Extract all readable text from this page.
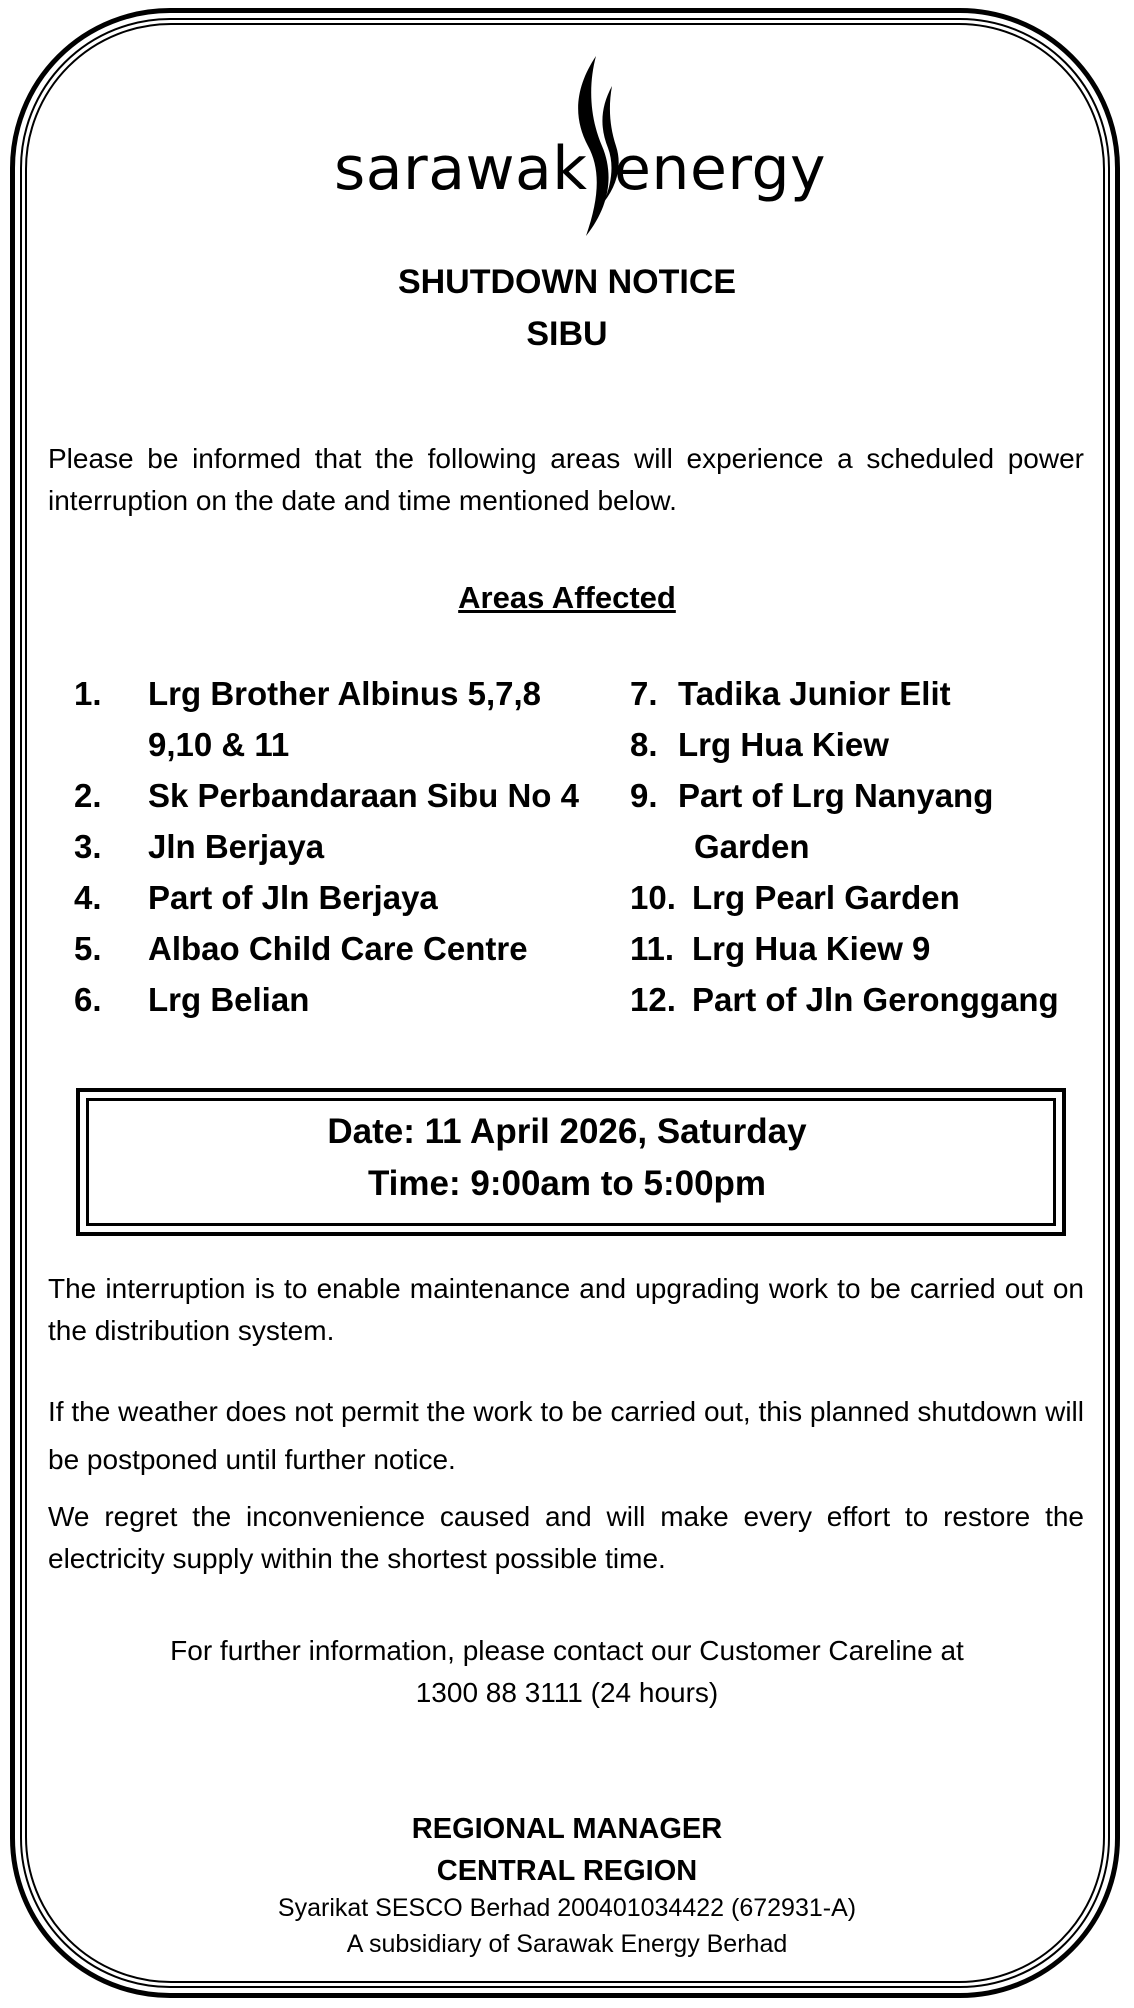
sarawak energy
SHUTDOWN NOTICE
SIBU
Please be informed that the following areas will experience a scheduled power interruption on the date and time mentioned below.
Areas Affected
1.	Lrg Brother Albinus 5,7,8
9,10 & 11
2.	Sk Perbandaraan Sibu No 4
3.	Jln Berjaya
4.	Part of Jln Berjaya
5.	Albao Child Care Centre
6.	Lrg Belian
7. Tadika Junior Elit
8. Lrg Hua Kiew
9. Part of Lrg Nanyang
Garden
10. Lrg Pearl Garden
11. Lrg Hua Kiew 9
12. Part of Jln Geronggang
Date: 11 April 2026, Saturday
Time: 9:00am to 5:00pm
The interruption is to enable maintenance and upgrading work to be carried out on the distribution system.
If the weather does not permit the work to be carried out, this planned shutdown will be postponed until further notice.
We regret the inconvenience caused and will make every effort to restore the electricity supply within the shortest possible time.
For further information, please contact our Customer Careline at
1300 88 3111 (24 hours)
REGIONAL MANAGER
CENTRAL REGION
Syarikat SESCO Berhad 200401034422 (672931-A)
A subsidiary of Sarawak Energy Berhad
